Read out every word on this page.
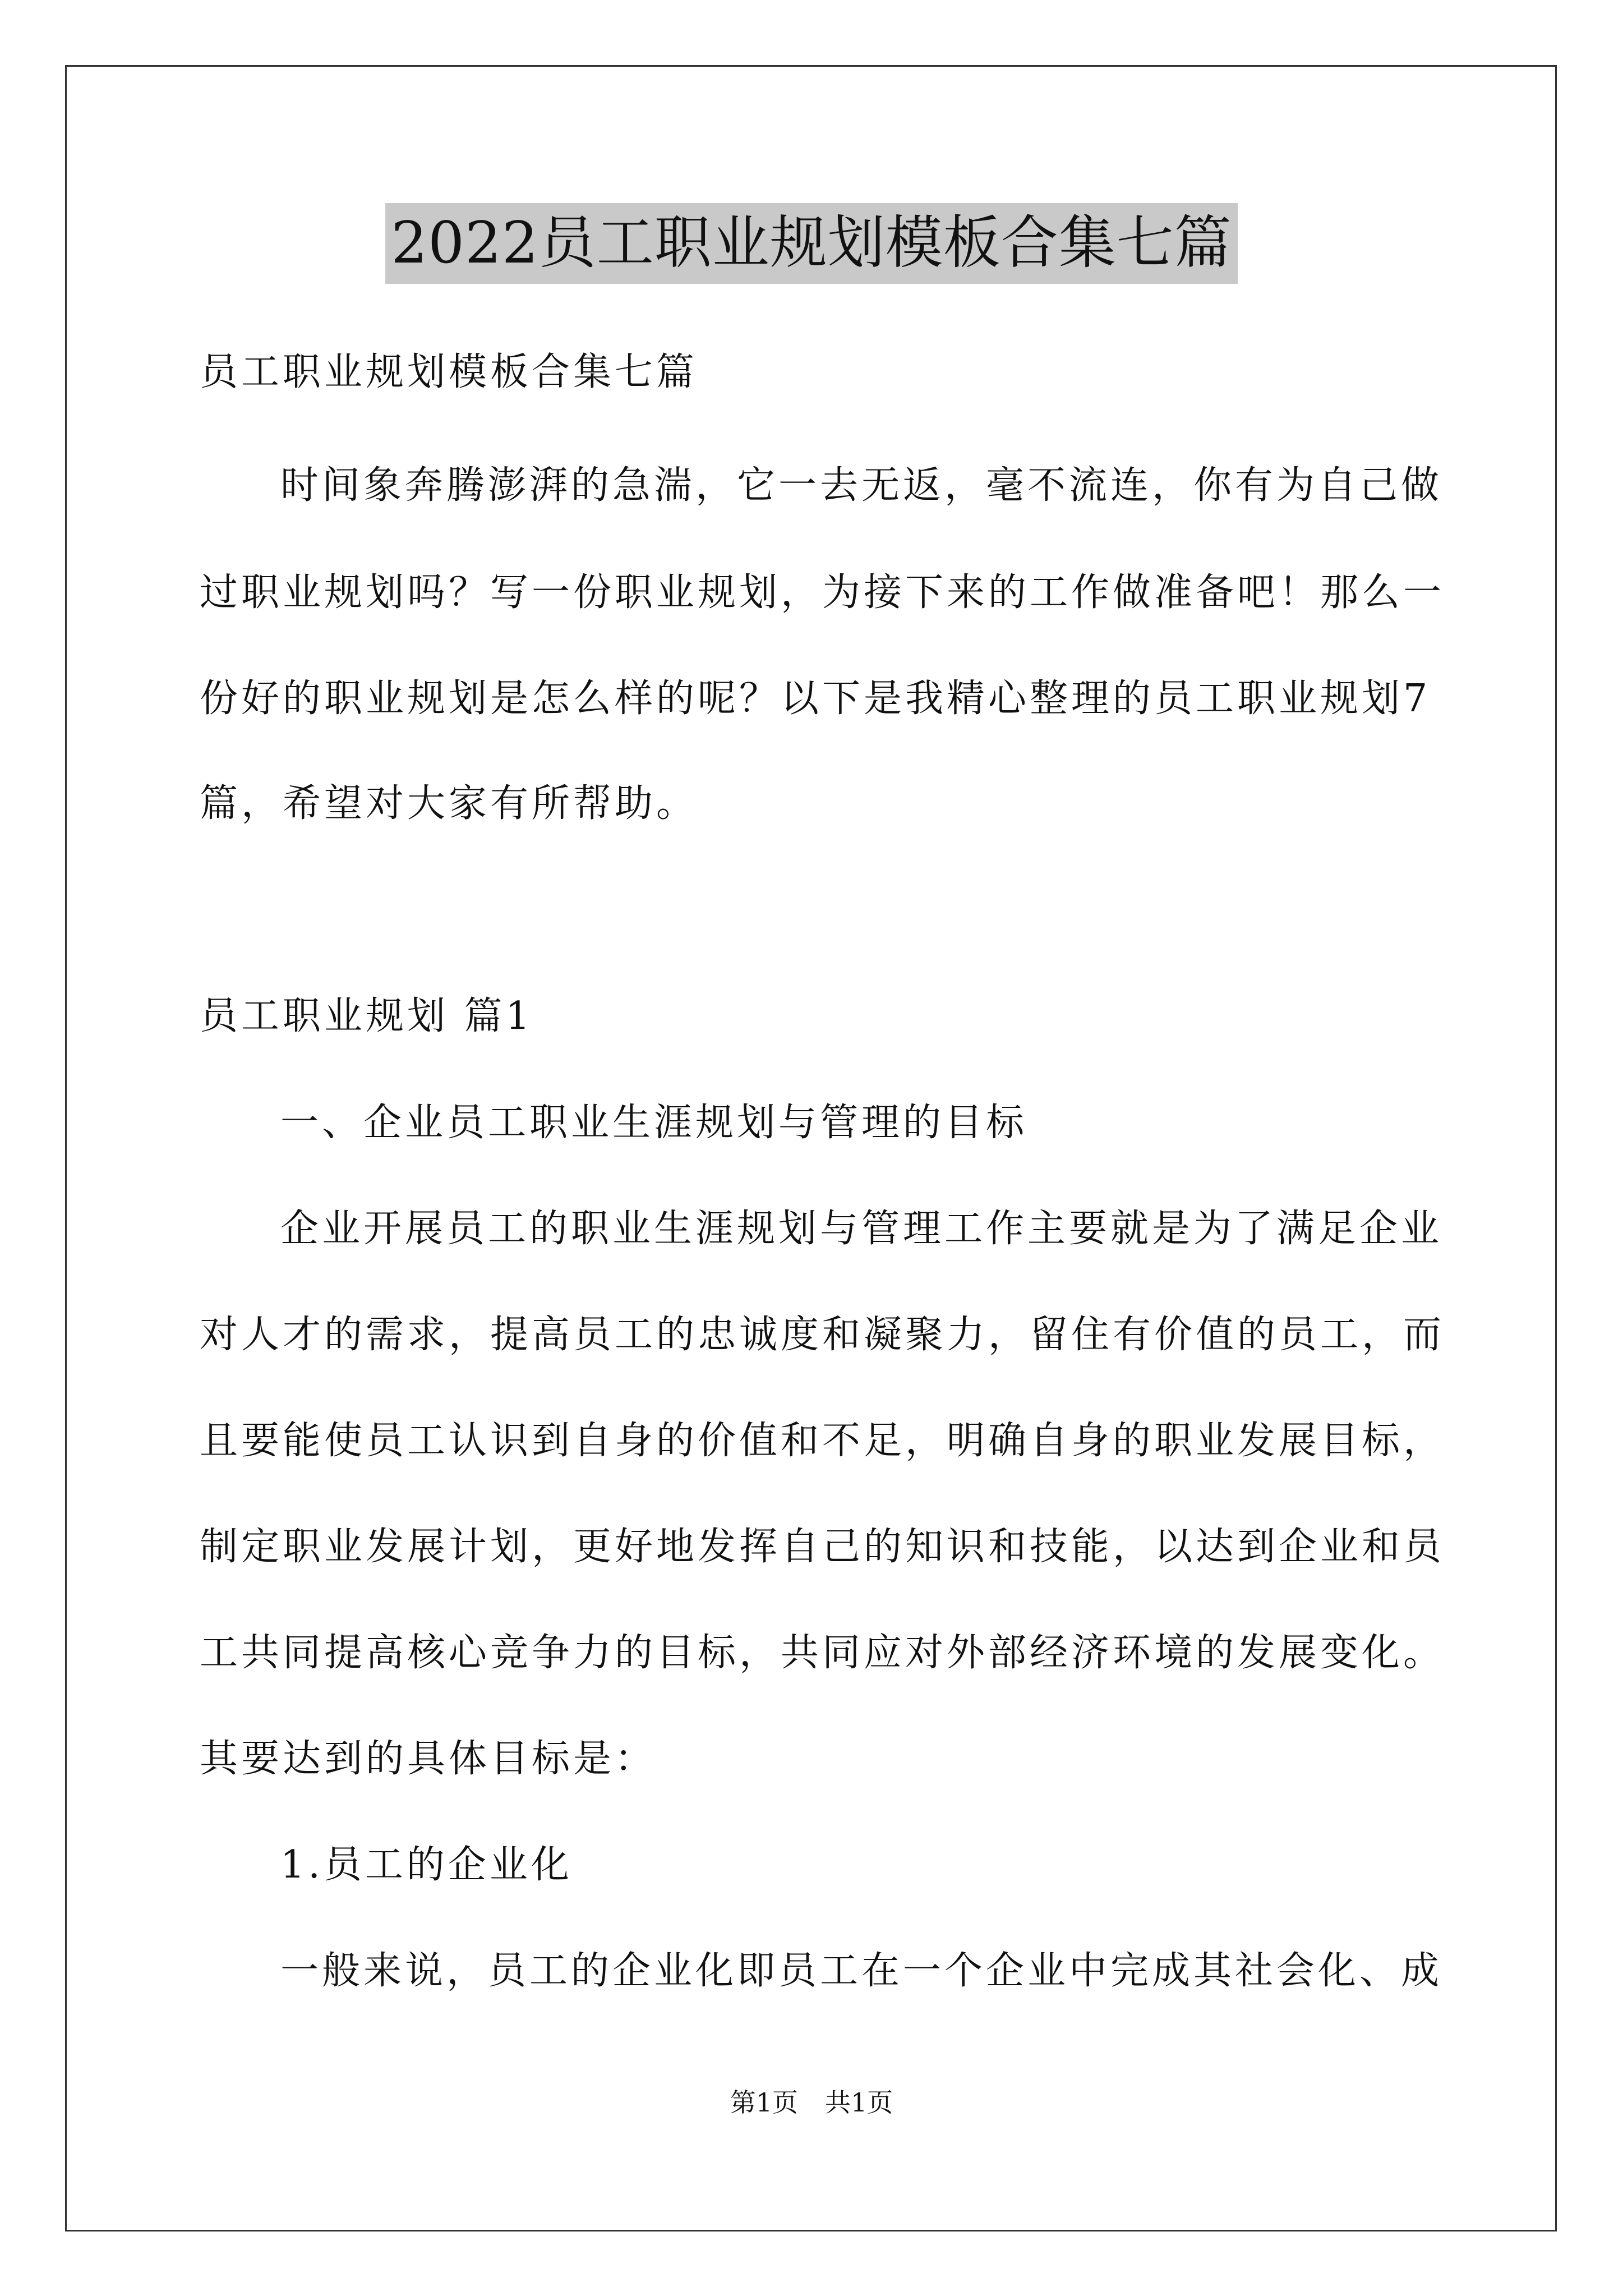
2022员工职业规划模板合集七篇
员工职业规划模板合集七篇
时间象奔腾澎湃的急湍，它一去无返，毫不流连，你有为自己做
过职业规划吗？写一份职业规划，为接下来的工作做准备吧！那么一
份好的职业规划是怎么样的呢？以下是我精心整理的员工职业规划7
篇，希望对大家有所帮助。
员工职业规划 篇1
一、企业员工职业生涯规划与管理的目标
企业开展员工的职业生涯规划与管理工作主要就是为了满足企业
对人才的需求，提高员工的忠诚度和凝聚力，留住有价值的员工，而
且要能使员工认识到自身的价值和不足，明确自身的职业发展目标，
制定职业发展计划，更好地发挥自己的知识和技能，以达到企业和员
工共同提高核心竞争力的目标，共同应对外部经济环境的发展变化。
其要达到的具体目标是：
1.员工的企业化
一般来说，员工的企业化即员工在一个企业中完成其社会化、成
第1页 共1页
